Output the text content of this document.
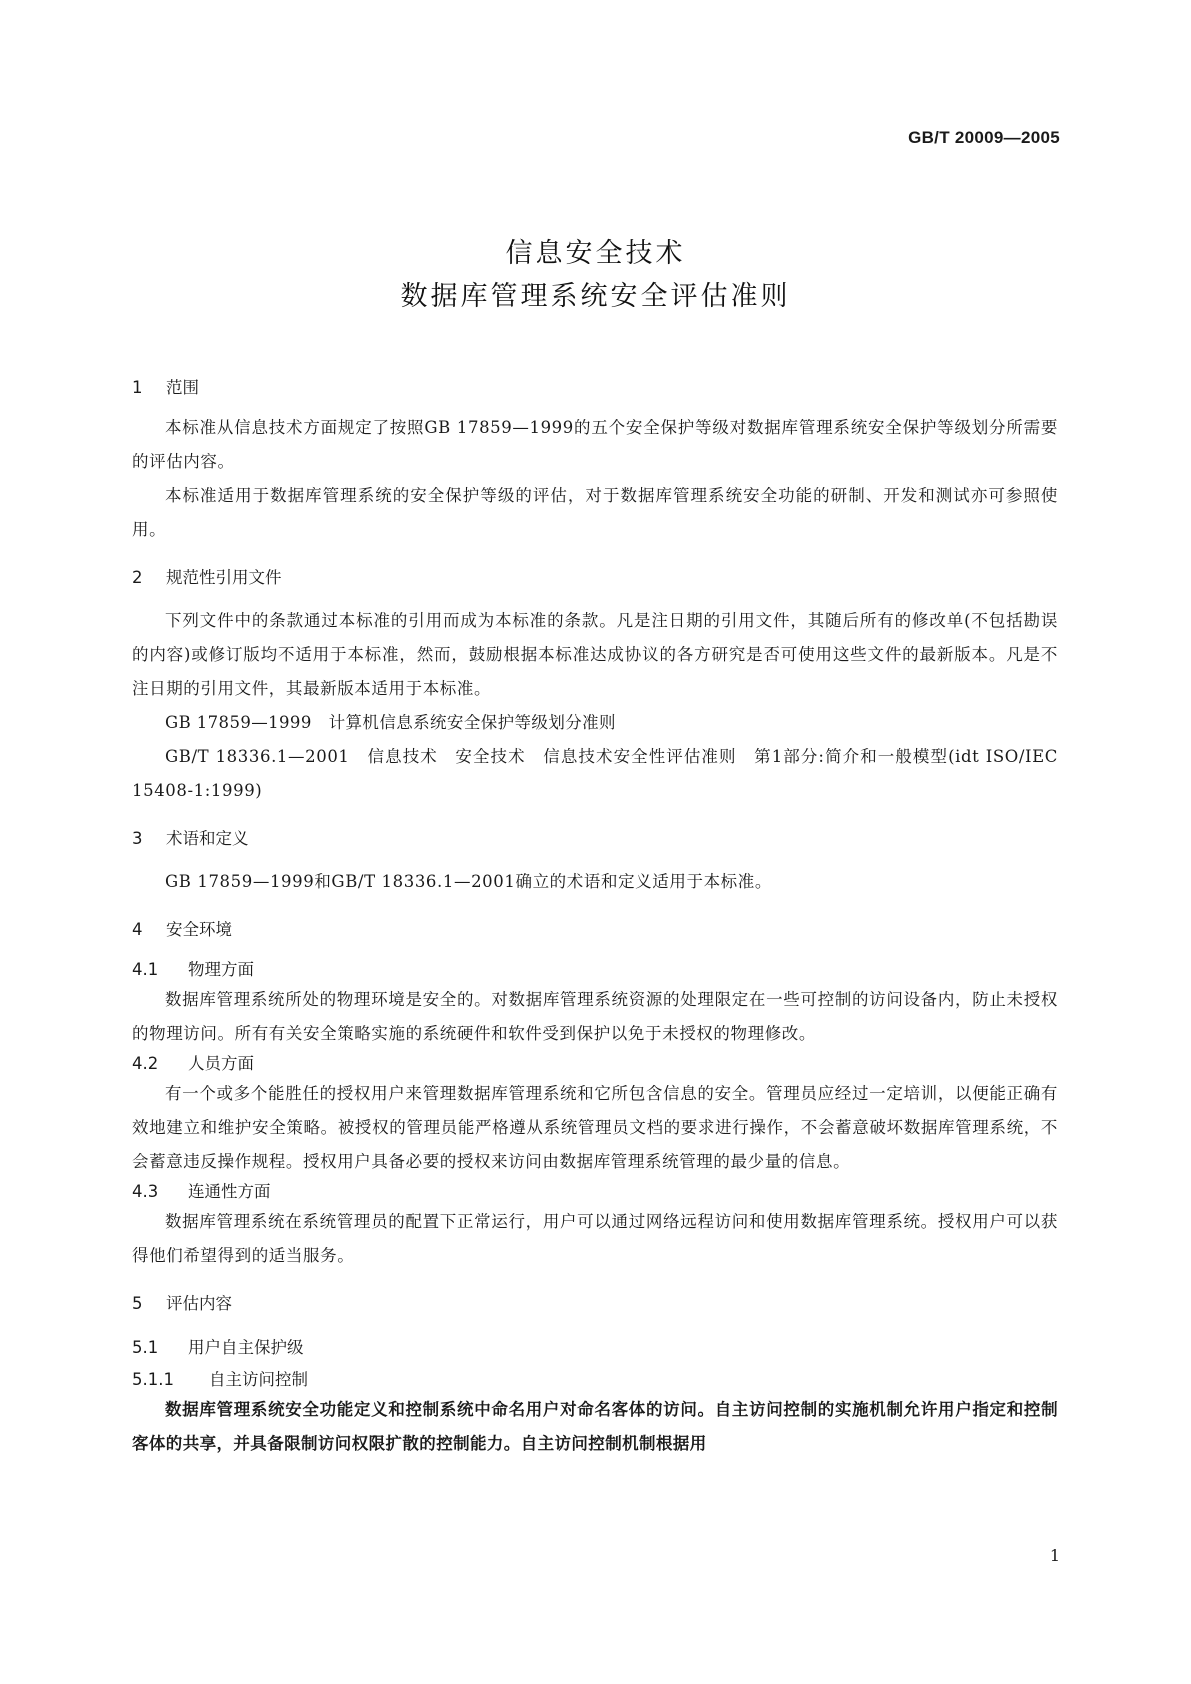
GB/T 20009—2005
信息安全技术
数据库管理系统安全评估准则
1 范围

本标准从信息技术方面规定了按照GB 17859—1999的五个安全保护等级对数据库管理系统安全保护等级划分所需要的评估内容。

本标准适用于数据库管理系统的安全保护等级的评估，对于数据库管理系统安全功能的研制、开发和测试亦可参照使用。

2 规范性引用文件

下列文件中的条款通过本标准的引用而成为本标准的条款。凡是注日期的引用文件，其随后所有的修改单(不包括勘误的内容)或修订版均不适用于本标准，然而，鼓励根据本标准达成协议的各方研究是否可使用这些文件的最新版本。凡是不注日期的引用文件，其最新版本适用于本标准。

GB 17859—1999　计算机信息系统安全保护等级划分准则

GB/T 18336.1—2001　信息技术　安全技术　信息技术安全性评估准则　第1部分:简介和一般模型(idt ISO/IEC 15408-1:1999)

3 术语和定义

GB 17859—1999和GB/T 18336.1—2001确立的术语和定义适用于本标准。

4 安全环境
4.1 物理方面

数据库管理系统所处的物理环境是安全的。对数据库管理系统资源的处理限定在一些可控制的访问设备内，防止未授权的物理访问。所有有关安全策略实施的系统硬件和软件受到保护以免于未授权的物理修改。

4.2 人员方面

有一个或多个能胜任的授权用户来管理数据库管理系统和它所包含信息的安全。管理员应经过一定培训，以便能正确有效地建立和维护安全策略。被授权的管理员能严格遵从系统管理员文档的要求进行操作，不会蓄意破坏数据库管理系统，不会蓄意违反操作规程。授权用户具备必要的授权来访问由数据库管理系统管理的最少量的信息。

4.3 连通性方面

数据库管理系统在系统管理员的配置下正常运行，用户可以通过网络远程访问和使用数据库管理系统。授权用户可以获得他们希望得到的适当服务。

5 评估内容
5.1 用户自主保护级
5.1.1 自主访问控制

数据库管理系统安全功能定义和控制系统中命名用户对命名客体的访问。自主访问控制的实施机制允许用户指定和控制客体的共享，并具备限制访问权限扩散的控制能力。自主访问控制机制根据用

1
